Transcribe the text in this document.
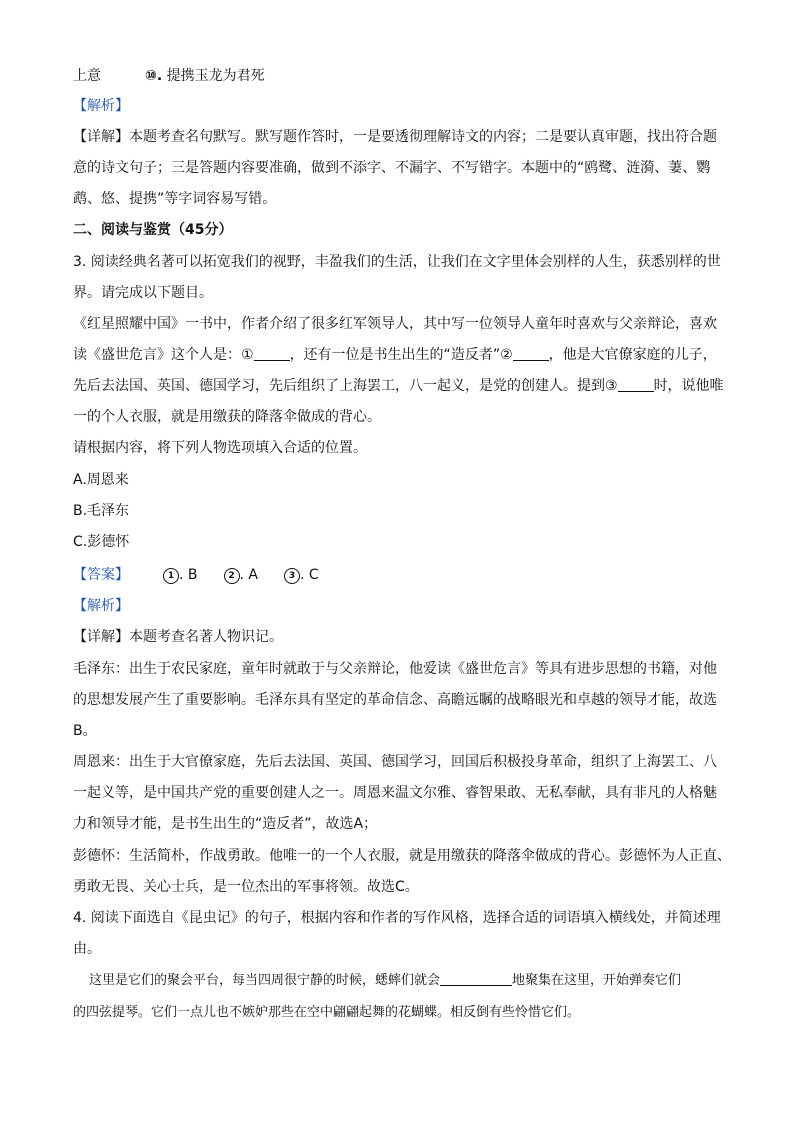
上意	⑩. 提携玉龙为君死
【解析】
【详解】本题考查名句默写。默写题作答时，一是要透彻理解诗文的内容；二是要认真审题，找出符合题
意的诗文句子；三是答题内容要准确，做到不添字、不漏字、不写错字。本题中的“鸥鹭、涟漪、萋、鹦
鹉、悠、提携”等字词容易写错。
二、阅读与鉴赏（45分）
3. 阅读经典名著可以拓宽我们的视野，丰盈我们的生活，让我们在文字里体会别样的人生，获悉别样的世
界。请完成以下题目。
《红星照耀中国》一书中，作者介绍了很多红军领导人，其中写一位领导人童年时喜欢与父亲辩论，喜欢
读《盛世危言》这个人是：①	，还有一位是书生出生的“造反者”②	，他是大官僚家庭的儿子，
先后去法国、英国、德国学习，先后组织了上海罢工，八一起义，是党的创建人。提到③	时，说他唯
一的个人衣服，就是用缴获的降落伞做成的背心。
请根据内容，将下列人物选项填入合适的位置。
A.周恩来
B.毛泽东
C.彭德怀
【答案】	1 . B	2 . A	3 . C
【解析】
【详解】本题考查名著人物识记。
毛泽东：出生于农民家庭，童年时就敢于与父亲辩论，他爱读《盛世危言》等具有进步思想的书籍，对他
的思想发展产生了重要影响。毛泽东具有坚定的革命信念、高瞻远瞩的战略眼光和卓越的领导才能，故选
B。
周恩来：出生于大官僚家庭，先后去法国、英国、德国学习，回国后积极投身革命，组织了上海罢工、八
一起义等，是中国共产党的重要创建人之一。周恩来温文尔雅、睿智果敢、无私奉献，具有非凡的人格魅
力和领导才能，是书生出生的“造反者”，故选A；
彭德怀：生活简朴，作战勇敢。他唯一的一个人衣服，就是用缴获的降落伞做成的背心。彭德怀为人正直、
勇敢无畏、关心士兵，是一位杰出的军事将领。故选C。
4. 阅读下面选自《昆虫记》的句子，根据内容和作者的写作风格，选择合适的词语填入横线处，并简述理
由。
这里是它们的聚会平台，每当四周很宁静的时候，蟋蟀们就会	地聚集在这里，开始弹奏它们
的四弦提琴。它们一点儿也不嫉妒那些在空中翩翩起舞的花蝴蝶。相反倒有些怜惜它们。
